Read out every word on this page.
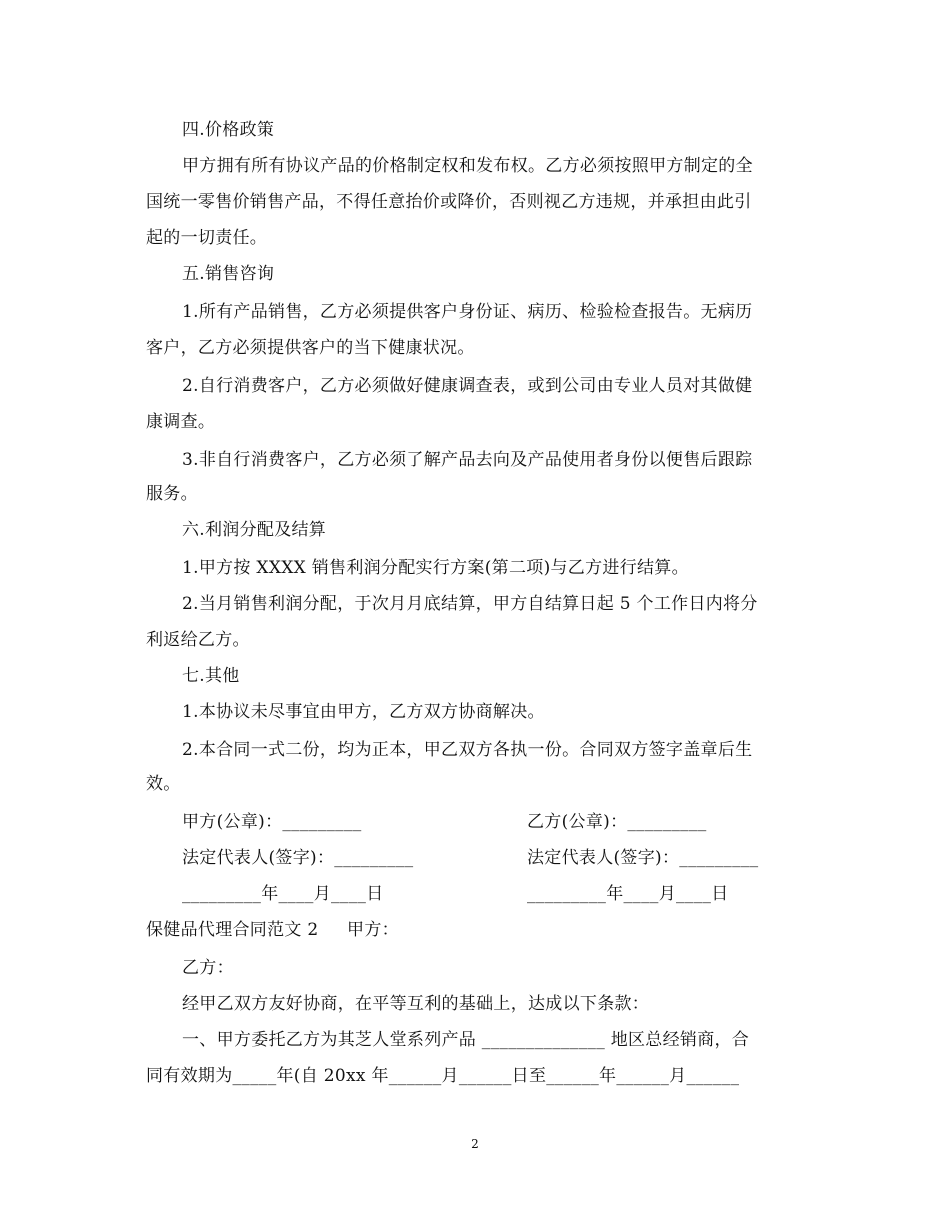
四.价格政策
甲方拥有所有协议产品的价格制定权和发布权。乙方必须按照甲方制定的全
国统一零售价销售产品，不得任意抬价或降价，否则视乙方违规，并承担由此引
起的一切责任。
五.销售咨询
1.所有产品销售，乙方必须提供客户身份证、病历、检验检查报告。无病历
客户，乙方必须提供客户的当下健康状况。
2.自行消费客户，乙方必须做好健康调查表，或到公司由专业人员对其做健
康调查。
3.非自行消费客户，乙方必须了解产品去向及产品使用者身份以便售后跟踪
服务。
六.利润分配及结算
1.甲方按 XXXX 销售利润分配实行方案(第二项)与乙方进行结算。
2.当月销售利润分配，于次月月底结算，甲方自结算日起 5 个工作日内将分
利返给乙方。
七.其他
1.本协议未尽事宜由甲方，乙方双方协商解决。
2.本合同一式二份，均为正本，甲乙双方各执一份。合同双方签字盖章后生
效。
甲方(公章)：_________	乙方(公章)：_________
法定代表人(签字)：_________	法定代表人(签字)：_________
_________年____月____日	_________年____月____日
保健品代理合同范文 2     甲方：
乙方：
经甲乙双方友好协商，在平等互利的基础上，达成以下条款：
一、甲方委托乙方为其芝人堂系列产品 ______________ 地区总经销商，合
同有效期为_____年(自 20xx 年______月______日至______年______月______
2
